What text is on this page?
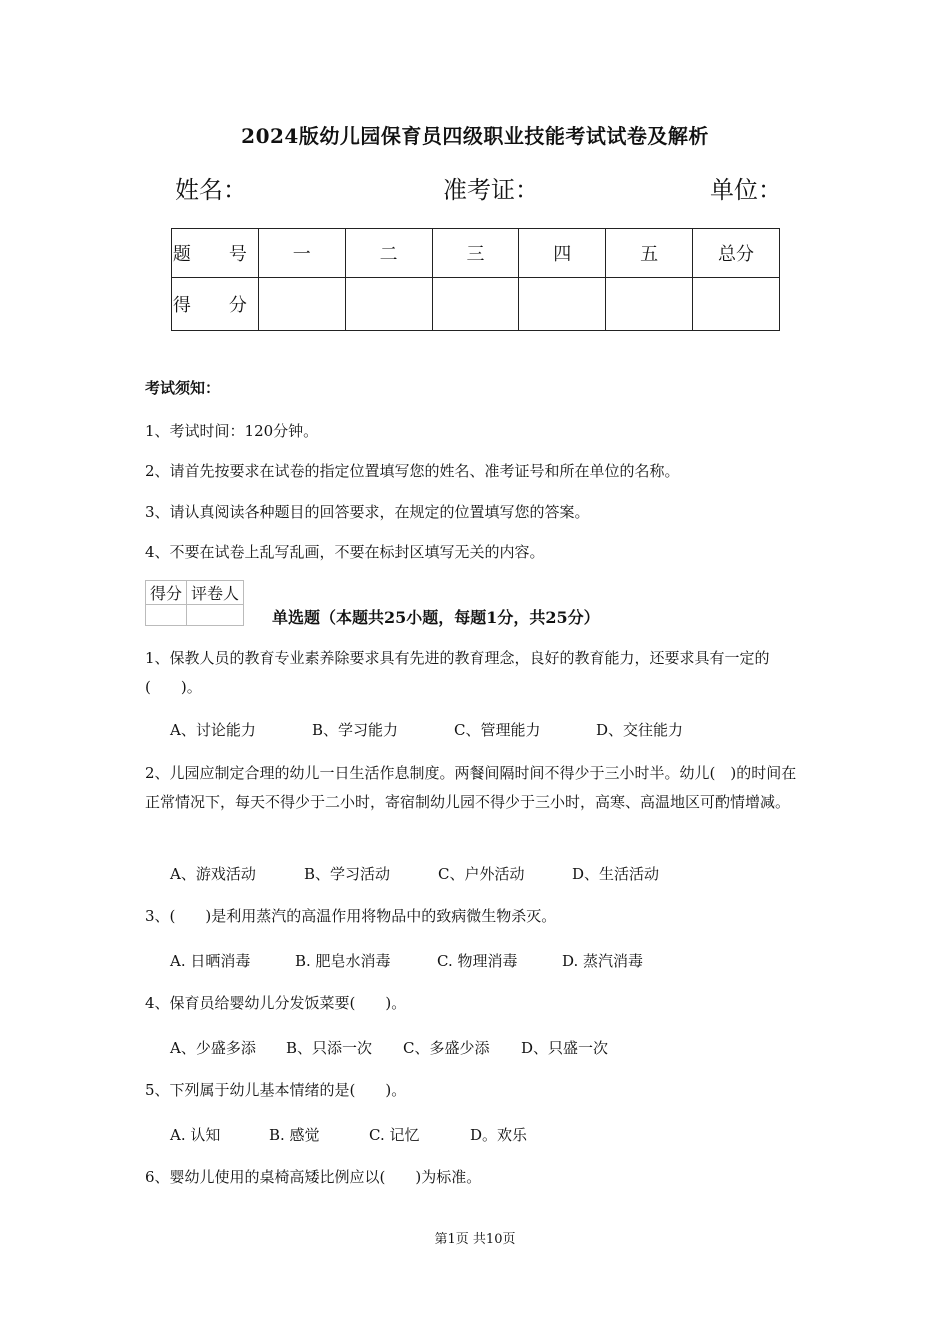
2024版幼儿园保育员四级职业技能考试试卷及解析
姓名：	准考证：	单位：
题　号	一	二	三	四	五	总分
得　分						
考试须知：
1、考试时间：120分钟。
2、请首先按要求在试卷的指定位置填写您的姓名、准考证号和所在单位的名称。
3、请认真阅读各种题目的回答要求，在规定的位置填写您的答案。
4、不要在试卷上乱写乱画，不要在标封区填写无关的内容。
得分	评卷人

单选题（本题共25小题，每题1分，共25分）
1、保教人员的教育专业素养除要求具有先进的教育理念，良好的教育能力，还要求具有一定的(　　)。
A、讨论能力	B、学习能力	C、管理能力	D、交往能力
2、儿园应制定合理的幼儿一日生活作息制度。两餐间隔时间不得少于三小时半。幼儿(　)的时间在正常情况下，每天不得少于二小时，寄宿制幼儿园不得少于三小时，高寒、高温地区可酌情增减。
A、游戏活动	B、学习活动	C、户外活动	D、生活活动
3、(　　)是利用蒸汽的高温作用将物品中的致病微生物杀灭。
A. 日晒消毒	B. 肥皂水消毒	C. 物理消毒	D. 蒸汽消毒
4、保育员给婴幼儿分发饭菜要(　　)。
A、少盛多添 B、只添一次 C、多盛少添 D、只盛一次
5、下列属于幼儿基本情绪的是(　　)。
A. 认知	B. 感觉	C. 记忆	D。欢乐
6、婴幼儿使用的桌椅高矮比例应以(　　)为标准。
第1页 共10页
